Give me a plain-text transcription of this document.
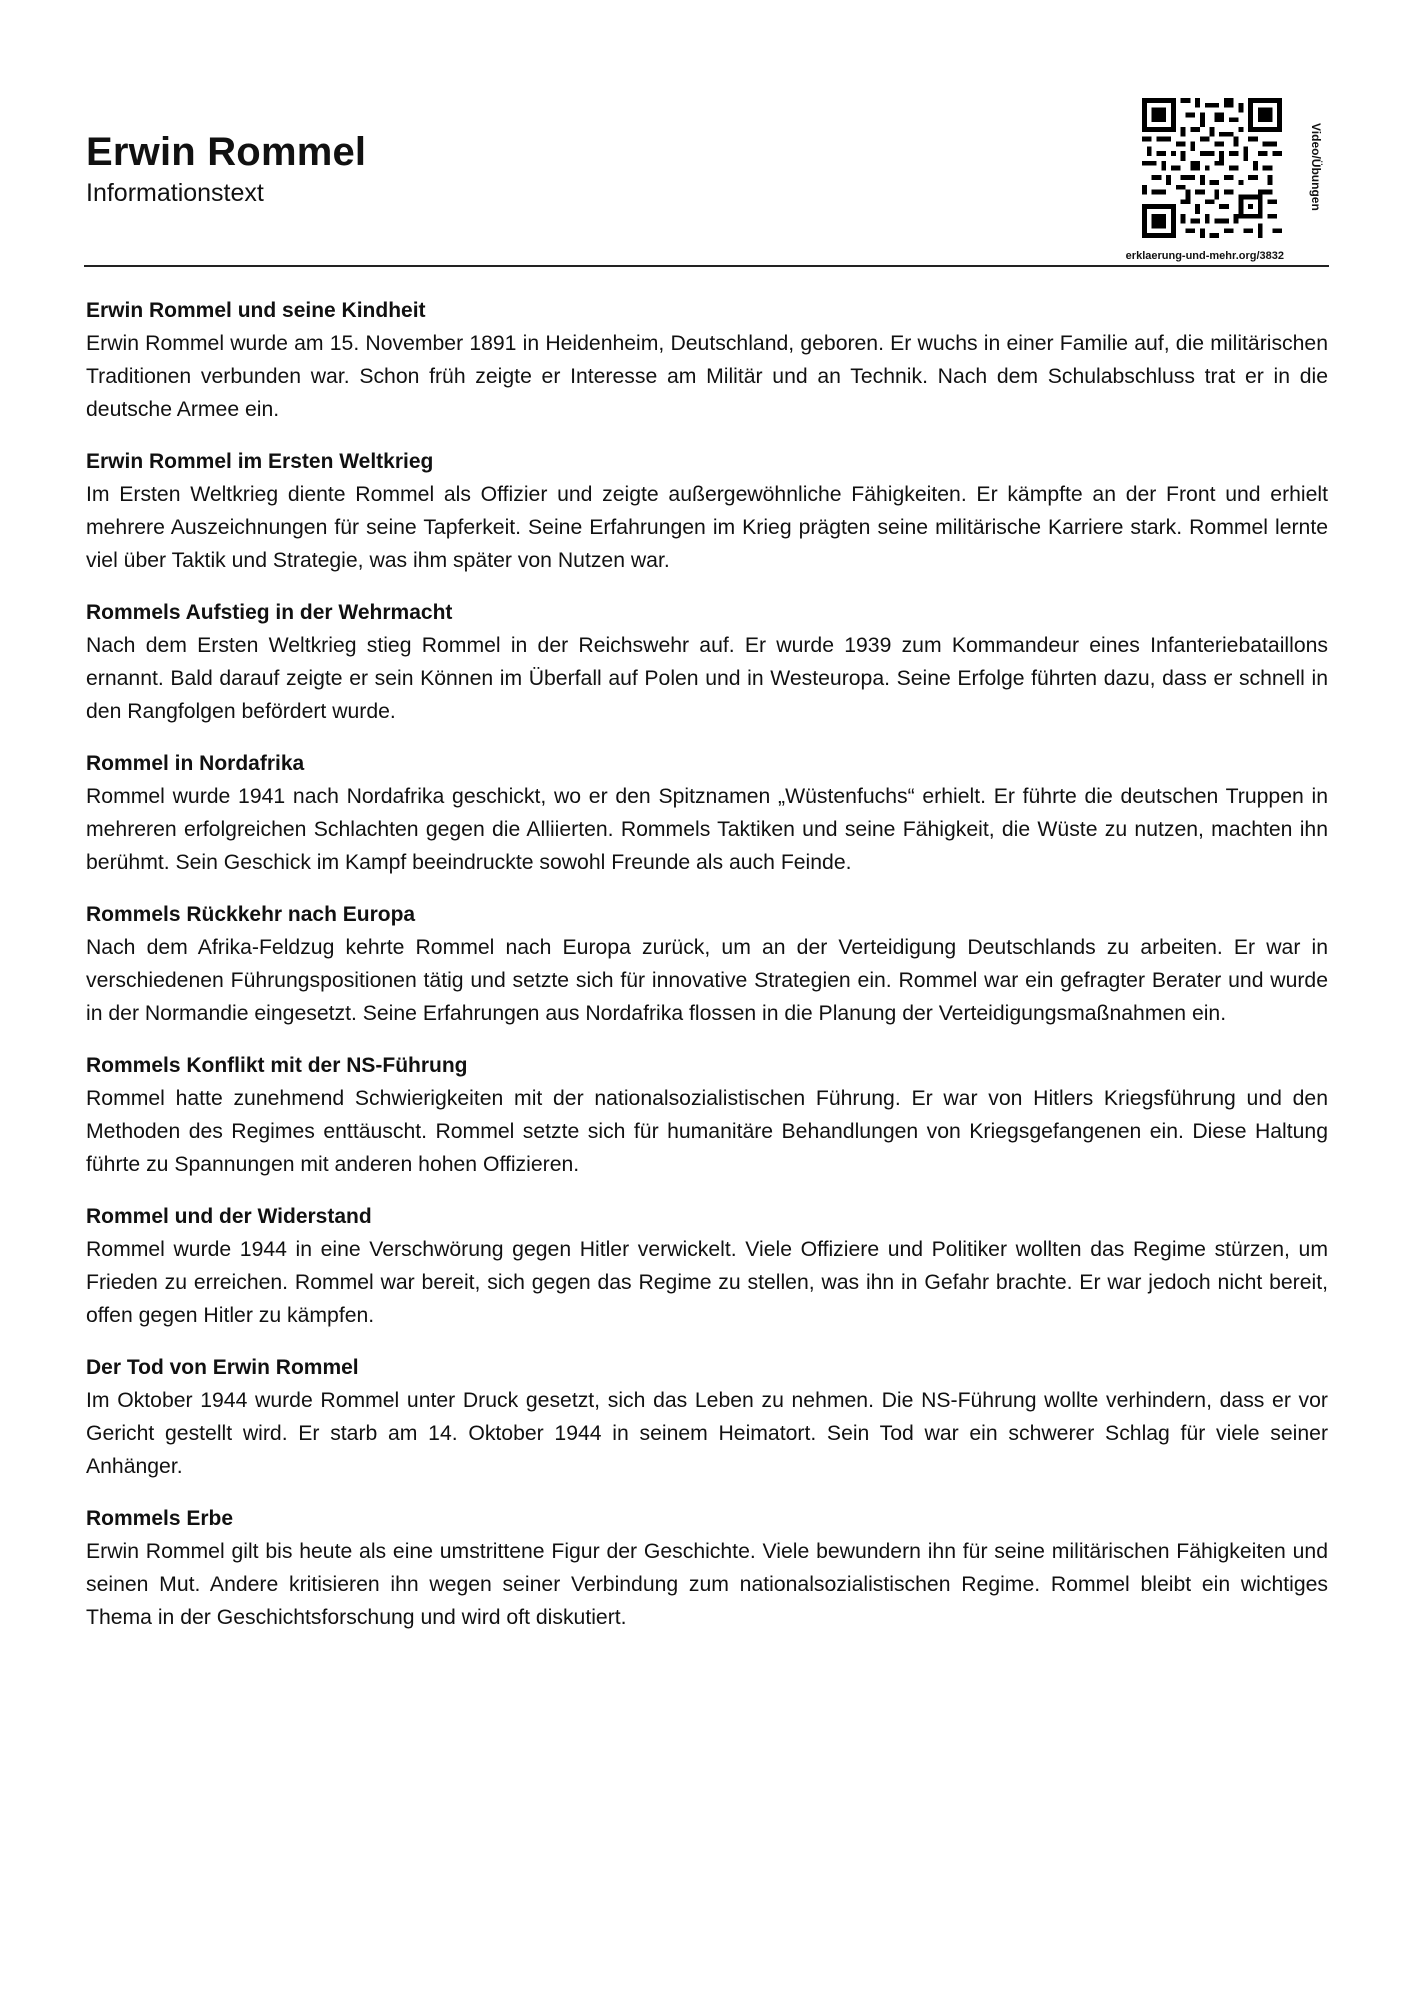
Erwin Rommel
Informationstext	Video/Übungen
erklaerung-und-mehr.org/3832
Erwin Rommel und seine Kindheit

Erwin Rommel wurde am 15. November 1891 in Heidenheim, Deutschland, geboren. Er wuchs in einer Familie auf, die militärischen Traditionen verbunden war. Schon früh zeigte er Interesse am Militär und an Technik. Nach dem Schulabschluss trat er in die deutsche Armee ein.

Erwin Rommel im Ersten Weltkrieg

Im Ersten Weltkrieg diente Rommel als Offizier und zeigte außergewöhnliche Fähigkeiten. Er kämpfte an der Front und erhielt mehrere Auszeichnungen für seine Tapferkeit. Seine Erfahrungen im Krieg prägten seine militärische Karriere stark. Rommel lernte viel über Taktik und Strategie, was ihm später von Nutzen war.

Rommels Aufstieg in der Wehrmacht

Nach dem Ersten Weltkrieg stieg Rommel in der Reichswehr auf. Er wurde 1939 zum Kommandeur eines Infanteriebataillons ernannt. Bald darauf zeigte er sein Können im Überfall auf Polen und in Westeuropa. Seine Erfolge führten dazu, dass er schnell in den Rangfolgen befördert wurde.

Rommel in Nordafrika

Rommel wurde 1941 nach Nordafrika geschickt, wo er den Spitznamen „Wüstenfuchs“ erhielt. Er führte die deutschen Truppen in mehreren erfolgreichen Schlachten gegen die Alliierten. Rommels Taktiken und seine Fähigkeit, die Wüste zu nutzen, machten ihn berühmt. Sein Geschick im Kampf beeindruckte sowohl Freunde als auch Feinde.

Rommels Rückkehr nach Europa

Nach dem Afrika-Feldzug kehrte Rommel nach Europa zurück, um an der Verteidigung Deutschlands zu arbeiten. Er war in verschiedenen Führungspositionen tätig und setzte sich für innovative Strategien ein. Rommel war ein gefragter Berater und wurde in der Normandie eingesetzt. Seine Erfahrungen aus Nordafrika flossen in die Planung der Verteidigungsmaßnahmen ein.

Rommels Konflikt mit der NS-Führung

Rommel hatte zunehmend Schwierigkeiten mit der nationalsozialistischen Führung. Er war von Hitlers Kriegsführung und den Methoden des Regimes enttäuscht. Rommel setzte sich für humanitäre Behandlungen von Kriegsgefangenen ein. Diese Haltung führte zu Spannungen mit anderen hohen Offizieren.

Rommel und der Widerstand

Rommel wurde 1944 in eine Verschwörung gegen Hitler verwickelt. Viele Offiziere und Politiker wollten das Regime stürzen, um Frieden zu erreichen. Rommel war bereit, sich gegen das Regime zu stellen, was ihn in Gefahr brachte. Er war jedoch nicht bereit, offen gegen Hitler zu kämpfen.

Der Tod von Erwin Rommel

Im Oktober 1944 wurde Rommel unter Druck gesetzt, sich das Leben zu nehmen. Die NS-Führung wollte verhindern, dass er vor Gericht gestellt wird. Er starb am 14. Oktober 1944 in seinem Heimatort. Sein Tod war ein schwerer Schlag für viele seiner Anhänger.

Rommels Erbe

Erwin Rommel gilt bis heute als eine umstrittene Figur der Geschichte. Viele bewundern ihn für seine militärischen Fähigkeiten und seinen Mut. Andere kritisieren ihn wegen seiner Verbindung zum nationalsozialistischen Regime. Rommel bleibt ein wichtiges Thema in der Geschichtsforschung und wird oft diskutiert.
